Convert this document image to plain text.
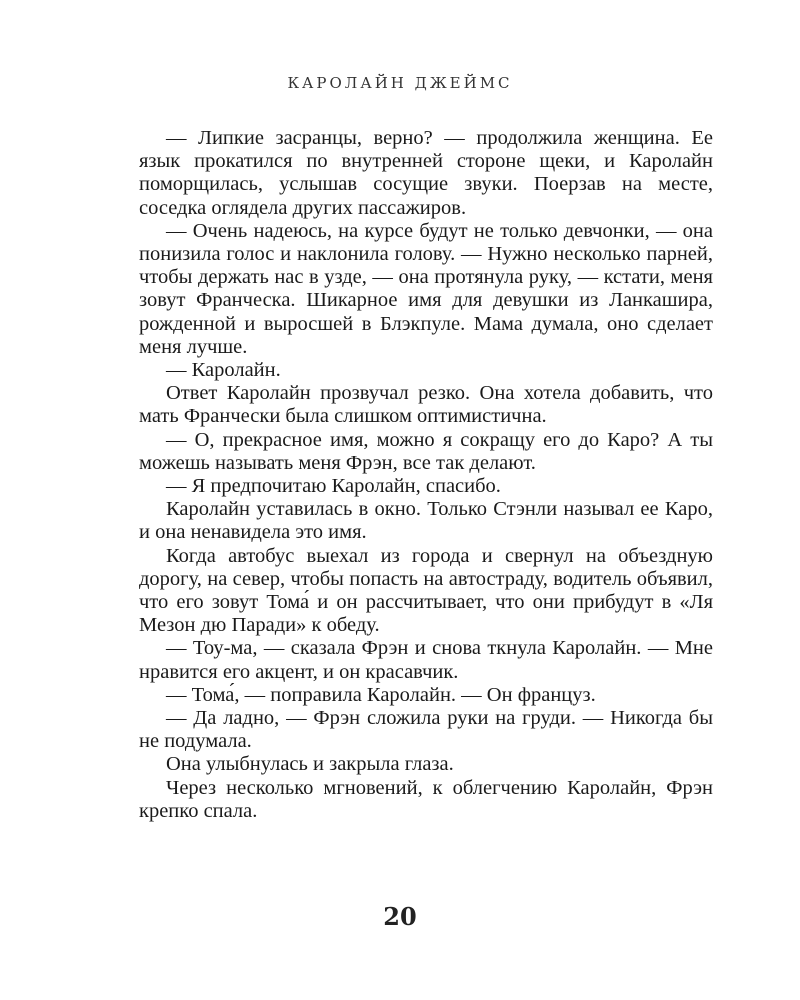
КАРОЛАЙН ДЖЕЙМС

— Липкие засранцы, верно? — продолжила женщина. Ее язык прокатился по внутренней стороне щеки, и Каролайн поморщилась, услышав сосущие звуки. Поерзав на месте, соседка оглядела других пассажиров.

— Очень надеюсь, на курсе будут не только девчонки, — она понизила голос и наклонила голову. — Нужно несколько парней, чтобы держать нас в узде, — она протянула руку, — кстати, меня зовут Франческа. Шикарное имя для девушки из Ланкашира, рожденной и выросшей в Блэкпуле. Мама думала, оно сделает меня лучше.

— Каролайн.

Ответ Каролайн прозвучал резко. Она хотела добавить, что мать Франчески была слишком оптимистична.

— О, прекрасное имя, можно я сокращу его до Каро? А ты можешь называть меня Фрэн, все так делают.

— Я предпочитаю Каролайн, спасибо.

Каролайн уставилась в окно. Только Стэнли называл ее Каро, и она ненавидела это имя.

Когда автобус выехал из города и свернул на объездную дорогу, на север, чтобы попасть на автостраду, водитель объявил, что его зовут Тома́ и он рассчитывает, что они прибудут в «Ля Мезон дю Паради» к обеду.

— Тоу-ма, — сказала Фрэн и снова ткнула Каролайн. — Мне нравится его акцент, и он красавчик.

— Тома́, — поправила Каролайн. — Он француз.

— Да ладно, — Фрэн сложила руки на груди. — Никогда бы не подумала.

Она улыбнулась и закрыла глаза.

Через несколько мгновений, к облегчению Каролайн, Фрэн крепко спала.

20
